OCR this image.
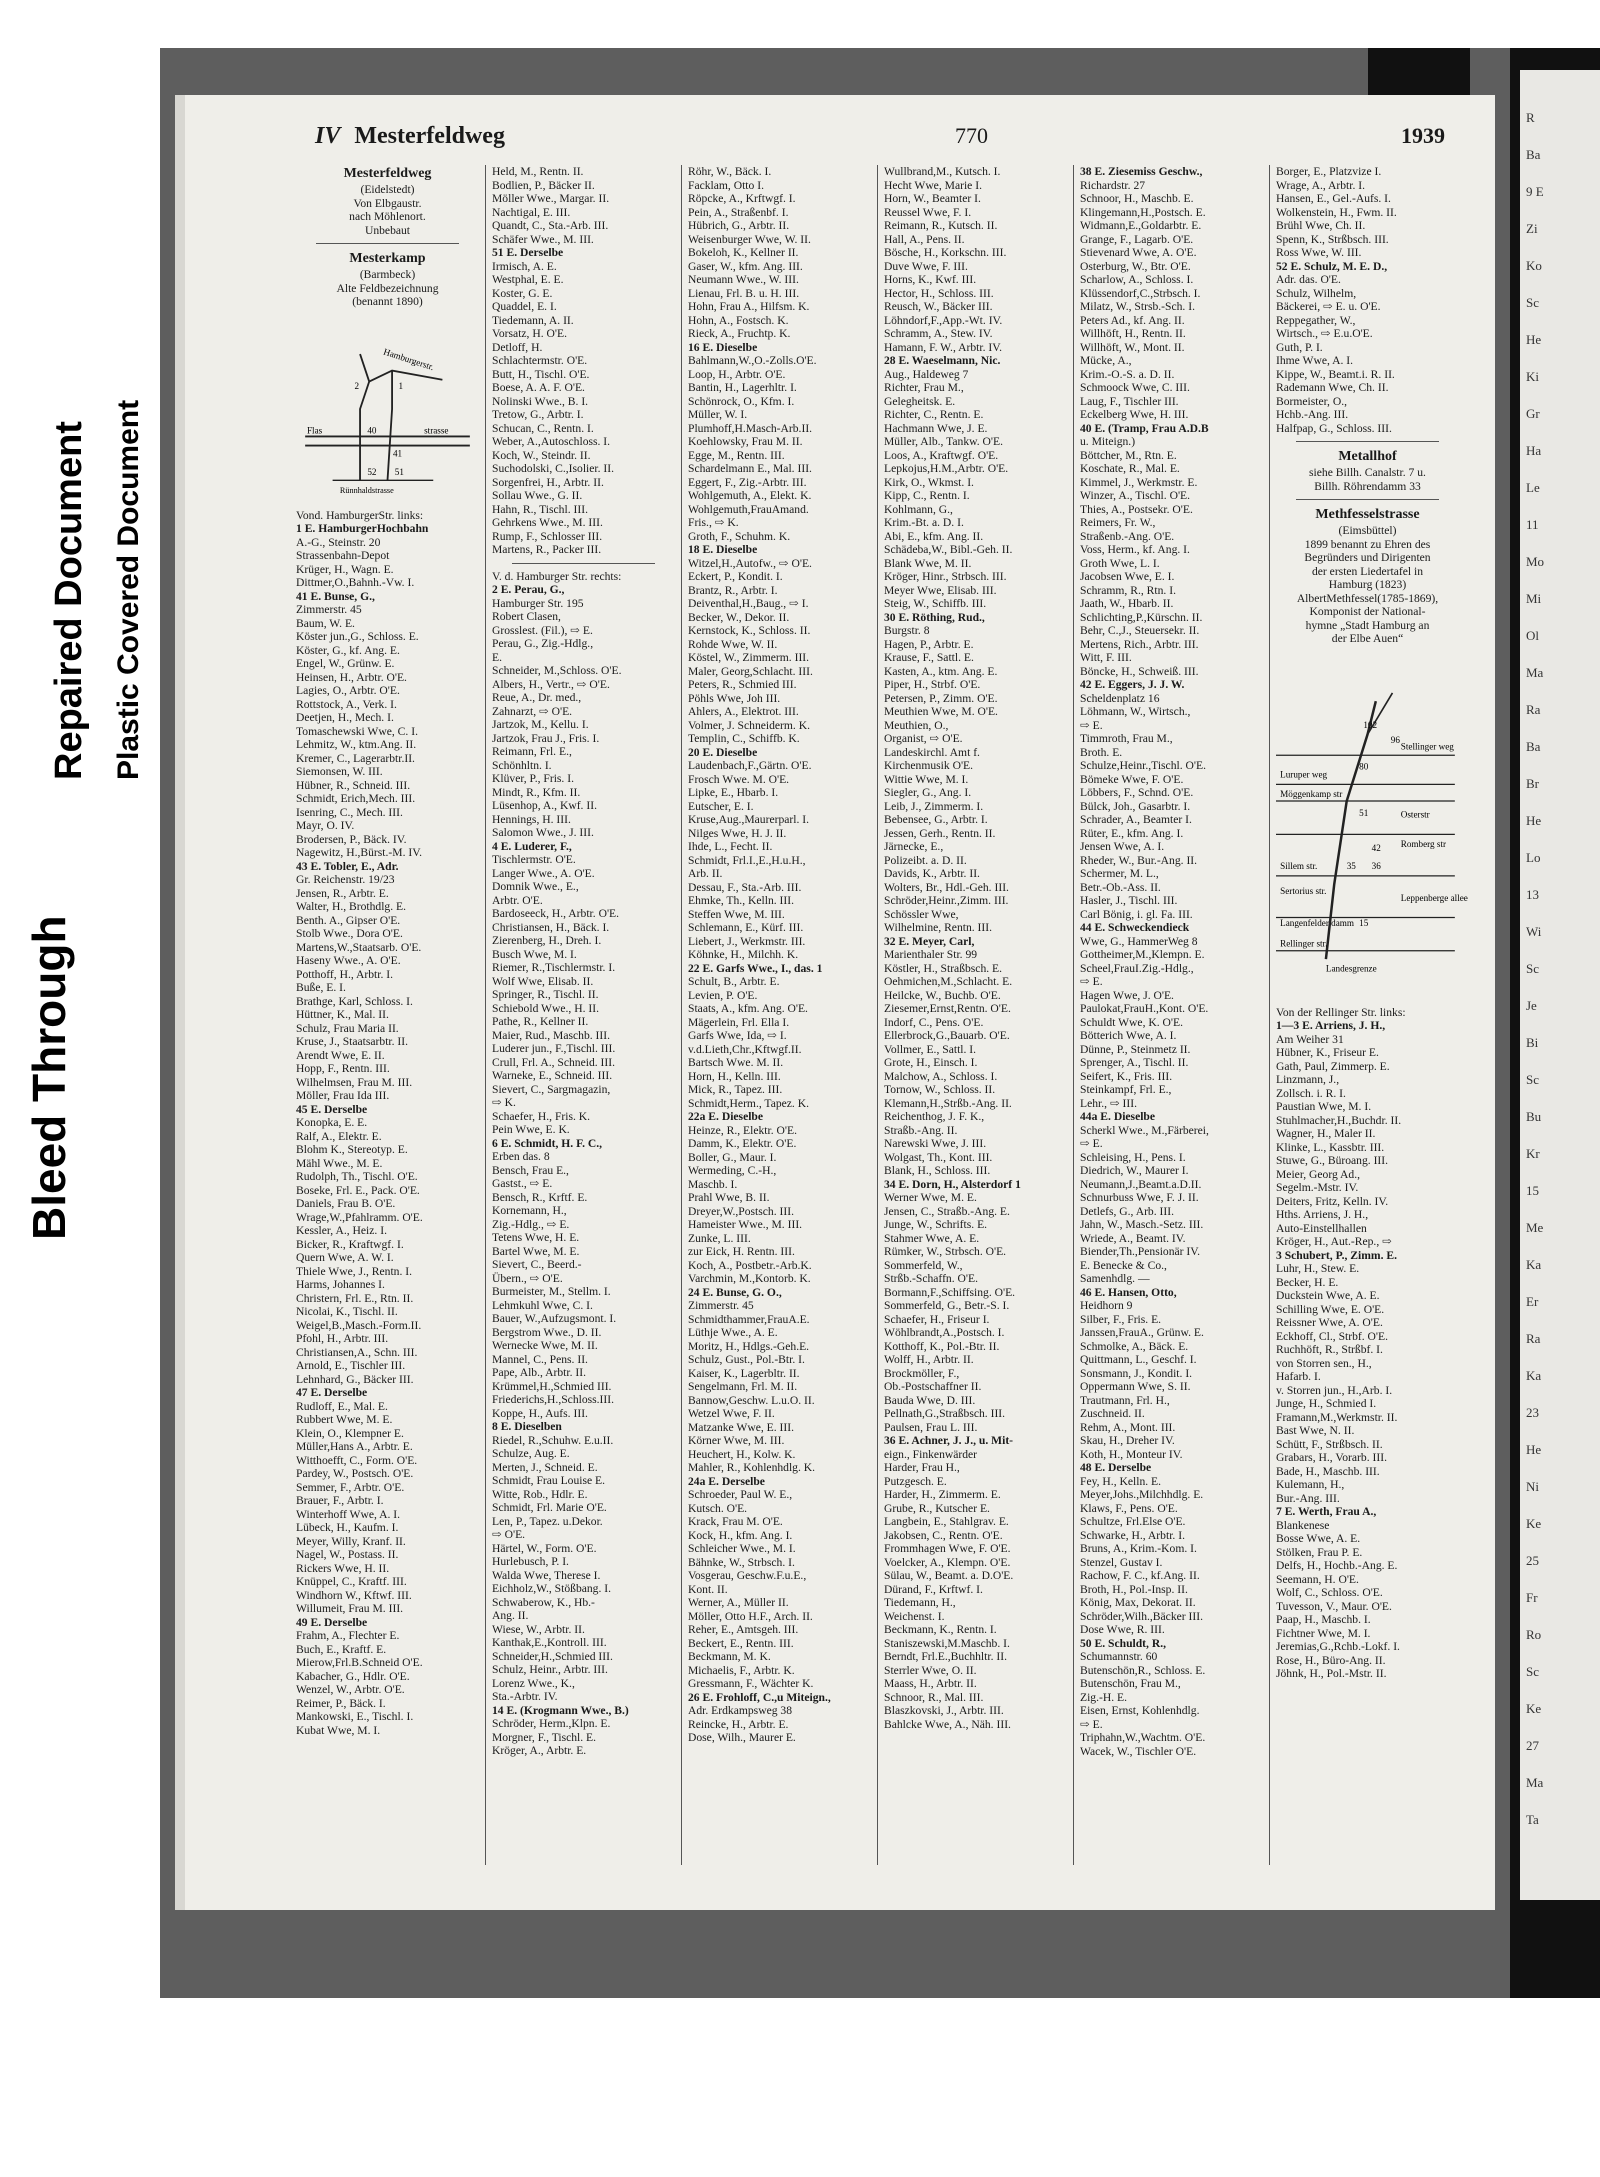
Bleed Through
Repaired Document Plastic Covered Document
R
Ba
9 E
Zi
Ko
Sc
He
Ki
Gr
Ha
Le
11
Mo
Mi
Ol
Ma
Ra
Ba
Br
He
Lo
13
Wi
Sc
Je
Bi
Sc
Bu
Kr
15
Me
Ka
Er
Ra
Ka
23
He
Ni
Ke
25
Fr
Ro
Sc
Ke
27
Ma
Ta
IV Mesterfeldweg	770	1939
Mesterfeldweg
(Eidelstedt)
Von Elbgaustr.
nach Möhlenort.
Unbebaut
Mesterkamp
(Barmbeck)
Alte Feldbezeichnung
(benannt 1890)
Hamburgerstr.
strasse
Flas
Rünnhaldstrasse
2	1
40
41
52 51
Vond. HamburgerStr. links:
1 E. HamburgerHochbahn
A.-G., Steinstr. 20
Strassenbahn-Depot
Krüger, H., Wagn. E.
Dittmer,O.,Bahnh.-Vw. I.
41 E. Bunse, G.,
Zimmerstr. 45
Baum, W. E.
Köster jun.,G., Schloss. E.
Köster, G., kf. Ang. E.
Engel, W., Grünw. E.
Heinsen, H., Arbtr. O'E.
Lagies, O., Arbtr. O'E.
Rottstock, A., Verk. I.
Deetjen, H., Mech. I.
Tomaschewski Wwe, C. I.
Lehmitz, W., ktm.Ang. II.
Kremer, C., Lagerarbtr.II.
Siemonsen, W. III.
Hübner, R., Schneid. III.
Schmidt, Erich,Mech. III.
Isenring, C., Mech. III.
Mayr, O. IV.
Brodersen, P., Bäck. IV.
Nagewitz, H.,Bürst.-M. IV.
43 E. Tobler, E., Adr.
Gr. Reichenstr. 19/23
Jensen, R., Arbtr. E.
Walter, H., Brothdlg. E.
Benth. A., Gipser O'E.
Stolb Wwe., Dora O'E.
Martens,W.,Staatsarb. O'E.
Haseny Wwe., A. O'E.
Potthoff, H., Arbtr. I.
Buße, E. I.
Brathge, Karl, Schloss. I.
Hüttner, K., Mal. II.
Schulz, Frau Maria II.
Kruse, J., Staatsarbtr. II.
Arendt Wwe, E. II.
Hopp, F., Rentn. III.
Wilhelmsen, Frau M. III.
Möller, Frau Ida III.
45 E. Derselbe
Konopka, E. E.
Ralf, A., Elektr. E.
Blohm K., Stereotyp. E.
Mähl Wwe., M. E.
Rudolph, Th., Tischl. O'E.
Boseke, Frl. E., Pack. O'E.
Daniels, Frau B. O'E.
Wrage,W.,Pfahlramm. O'E.
Kessler, A., Heiz. I.
Bicker, R., Kraftwgf. I.
Quern Wwe, A. W. I.
Thiele Wwe, J., Rentn. I.
Harms, Johannes I.
Christern, Frl. E., Rtn. II.
Nicolai, K., Tischl. II.
Weigel,B.,Masch.-Form.II.
Pfohl, H., Arbtr. III.
Christiansen,A., Schn. III.
Arnold, E., Tischler III.
Lehnhard, G., Bäcker III.
47 E. Derselbe
Rudloff, E., Mal. E.
Rubbert Wwe, M. E.
Klein, O., Klempner E.
Müller,Hans A., Arbtr. E.
Witthoefft, C., Form. O'E.
Pardey, W., Postsch. O'E.
Semmer, F., Arbtr. O'E.
Brauer, F., Arbtr. I.
Winterhoff Wwe, A. I.
Lübeck, H., Kaufm. I.
Meyer, Willy, Kranf. II.
Nagel, W., Postass. II.
Rickers Wwe, H. II.
Knüppel, C., Kraftf. III.
Windhorn W., Kftwf. III.
Willumeit, Frau M. III.
49 E. Derselbe
Frahm, A., Flechter E.
Buch, E., Kraftf. E.
Mierow,Frl.B.Schneid O'E.
Kabacher, G., Hdlr. O'E.
Wenzel, W., Arbtr. O'E.
Reimer, P., Bäck. I.
Mankowski, E., Tischl. I.
Kubat Wwe, M. I.
Held, M., Rentn. II.
Bodlien, P., Bäcker II.
Möller Wwe., Margar. II.
Nachtigal, E. III.
Quandt, C., Sta.-Arb. III.
Schäfer Wwe., M. III.
51 E. Derselbe
Irmisch, A. E.
Westphal, E. E.
Koster, G. E.
Quaddel, E. I.
Tiedemann, A. II.
Vorsatz, H. O'E.
Detloff, H.
Schlachtermstr. O'E.
Butt, H., Tischl. O'E.
Boese, A. A. F. O'E.
Nolinski Wwe., B. I.
Tretow, G., Arbtr. I.
Schucan, C., Rentn. I.
Weber, A.,Autoschloss. I.
Koch, W., Steindr. II.
Suchodolski, C.,Isolier. II.
Sorgenfrei, H., Arbtr. II.
Sollau Wwe., G. II.
Hahn, R., Tischl. III.
Gehrkens Wwe., M. III.
Rump, F., Schlosser III.
Martens, R., Packer III.
V. d. Hamburger Str. rechts:
2 E. Perau, G.,
Hamburger Str. 195
Robert Clasen,
Grosslest. (Fil.), ⇨ E.
Perau, G., Zig.-Hdlg.,
E.
Schneider, M.,Schloss. O'E.
Albers, H., Vertr., ⇨ O'E.
Reue, A., Dr. med.,
Zahnarzt, ⇨ O'E.
Jartzok, M., Kellu. I.
Jartzok, Frau J., Fris. I.
Reimann, Frl. E.,
Schönhltn. I.
Klüver, P., Fris. I.
Mindt, R., Kfm. II.
Lüsenhop, A., Kwf. II.
Hennings, H. III.
Salomon Wwe., J. III.
4 E. Luderer, F.,
Tischlermstr. O'E.
Langer Wwe., A. O'E.
Domnik Wwe., E.,
Arbtr. O'E.
Bardoseeck, H., Arbtr. O'E.
Christiansen, H., Bäck. I.
Zierenberg, H., Dreh. I.
Busch Wwe, M. I.
Riemer, R.,Tischlermstr. I.
Wolf Wwe, Elisab. II.
Springer, R., Tischl. II.
Schiebold Wwe., H. II.
Pathe, R., Kellner II.
Maier, Rud., Maschb. III.
Luderer jun., F.,Tischl. III.
Crull, Frl. A., Schneid. III.
Warneke, E., Schneid. III.
Sievert, C., Sargmagazin,
⇨ K.
Schaefer, H., Fris. K.
Pein Wwe, E. K.
6 E. Schmidt, H. F. C.,
Erben das. 8
Bensch, Frau E.,
Gastst., ⇨ E.
Bensch, R., Krftf. E.
Kornemann, H.,
Zig.-Hdlg., ⇨ E.
Tetens Wwe, H. E.
Bartel Wwe, M. E.
Sievert, C., Beerd.-
Übern., ⇨ O'E.
Burmeister, M., Stellm. I.
Lehmkuhl Wwe, C. I.
Bauer, W.,Aufzugsmont. I.
Bergstrom Wwe., D. II.
Wernecke Wwe, M. II.
Mannel, C., Pens. II.
Pape, Alb., Arbtr. II.
Krümmel,H.,Schmied III.
Friederichs,H.,Schloss.III.
Koppe, H., Aufs. III.
8 E. Dieselben
Riedel, R.,Schuhw. E.u.II.
Schulze, Aug. E.
Merten, J., Schneid. E.
Schmidt, Frau Louise E.
Witte, Rob., Hdlr. E.
Schmidt, Frl. Marie O'E.
Len, P., Tapez. u.Dekor.
⇨ O'E.
Härtel, W., Form. O'E.
Hurlebusch, P. I.
Walda Wwe, Therese I.
Eichholz,W., Stößbang. I.
Schwaberow, K., Hb.-
Ang. II.
Wiese, W., Arbtr. II.
Kanthak,E.,Kontroll. III.
Schneider,H.,Schmied III.
Schulz, Heinr., Arbtr. III.
Lorenz Wwe., K.,
Sta.-Arbtr. IV.
14 E. (Krogmann Wwe., B.)
Schröder, Herm.,Klpn. E.
Morgner, F., Tischl. E.
Kröger, A., Arbtr. E.
Röhr, W., Bäck. I.
Facklam, Otto I.
Röpcke, A., Krftwgf. I.
Pein, A., Straßenbf. I.
Hübrich, G., Arbtr. II.
Weisenburger Wwe, W. II.
Bokeloh, K., Kellner II.
Gaser, W., kfm. Ang. III.
Neumann Wwe., W. III.
Lienau, Frl. B. u. H. III.
Hohn, Frau A., Hilfsm. K.
Hohn, A., Fostsch. K.
Rieck, A., Fruchtp. K.
16 E. Dieselbe
Bahlmann,W.,O.-Zolls.O'E.
Loop, H., Arbtr. O'E.
Bantin, H., Lagerhltr. I.
Schönrock, O., Kfm. I.
Müller, W. I.
Plumhoff,H.Masch-Arb.II.
Koehlowsky, Frau M. II.
Egge, M., Rentn. III.
Schardelmann E., Mal. III.
Eggert, F., Zig.-Arbtr. III.
Wohlgemuth, A., Elekt. K.
Wohlgemuth,FrauAmand.
Fris., ⇨ K.
Groth, F., Schuhm. K.
18 E. Dieselbe
Witzel,H.,Autofw., ⇨ O'E.
Eckert, P., Kondit. I.
Brantz, R., Arbtr. I.
Deiventhal,H.,Baug., ⇨ I.
Becker, W., Dekor. II.
Kernstock, K., Schloss. II.
Rohde Wwe, W. II.
Köstel, W., Zimmerm. III.
Maler, Georg,Schlacht. III.
Peters, R., Schmied III.
Pöhls Wwe, Joh III.
Ahlers, A., Elektrot. III.
Volmer, J. Schneiderm. K.
Templin, C., Schiffb. K.
20 E. Dieselbe
Laudenbach,F.,Gärtn. O'E.
Frosch Wwe. M. O'E.
Lipke, E., Hbarb. I.
Eutscher, E. I.
Kruse,Aug.,Maurerparl. I.
Nilges Wwe, H. J. II.
Ihde, L., Fecht. II.
Schmidt, Frl.I.,E.,H.u.H.,
Arb. II.
Dessau, F., Sta.-Arb. III.
Ehmke, Th., Kelln. III.
Steffen Wwe, M. III.
Schlemann, E., Kürf. III.
Liebert, J., Werkmstr. III.
Köhnke, H., Milchh. K.
22 E. Garfs Wwe., I., das. 1
Schult, B., Arbtr. E.
Levien, P. O'E.
Staats, A., kfm. Ang. O'E.
Mägerlein, Frl. Ella I.
Garfs Wwe, Ida, ⇨ I.
v.d.Lieth,Chr.,Kftwgf.II.
Bartsch Wwe. M. II.
Horn, H., Kelln. III.
Mick, R., Tapez. III.
Schmidt,Herm., Tapez. K.
22a E. Dieselbe
Heinze, R., Elektr. O'E.
Damm, K., Elektr. O'E.
Boller, G., Maur. I.
Wermeding, C.-H.,
Maschb. I.
Prahl Wwe, B. II.
Dreyer,W.,Postsch. III.
Hameister Wwe., M. III.
Zunke, L. III.
zur Eick, H. Rentn. III.
Koch, A., Postbetr.-Arb.K.
Varchmin, M.,Kontorb. K.
24 E. Bunse, G. O.,
Zimmerstr. 45
Schmidthammer,FrauA.E.
Lüthje Wwe., A. E.
Moritz, H., Hdlgs.-Geh.E.
Schulz, Gust., Pol.-Btr. I.
Kaiser, K., Lagerbltr. II.
Sengelmann, Frl. M. II.
Bannow,Geschw. L.u.O. II.
Wetzel Wwe, F. II.
Matzanke Wwe, E. III.
Körner Wwe, M. III.
Heuchert, H., Kolw. K.
Mahler, R., Kohlenhdlg. K.
24a E. Derselbe
Schroeder, Paul W. E.,
Kutsch. O'E.
Krack, Frau M. O'E.
Kock, H., kfm. Ang. I.
Schleicher Wwe., M. I.
Bähnke, W., Strbsch. I.
Vosgerau, Geschw.F.u.E.,
Kont. II.
Werner, A., Müller II.
Möller, Otto H.F., Arch. II.
Reher, E., Amtsgeh. III.
Beckert, E., Rentn. III.
Beckmann, M. K.
Michaelis, F., Arbtr. K.
Gressmann, F., Wächter K.
26 E. Frohloff, C.,u Miteign.,
Adr. Erdkampsweg 38
Reincke, H., Arbtr. E.
Dose, Wilh., Maurer E.
Wullbrand,M., Kutsch. I.
Hecht Wwe, Marie I.
Horn, W., Beamter I.
Reussel Wwe, F. I.
Reimann, R., Kutsch. II.
Hall, A., Pens. II.
Bösche, H., Korkschn. III.
Duve Wwe, F. III.
Horns, K., Kwf. III.
Hector, H., Schloss. III.
Reusch, W., Bäcker III.
Löhndorf,F.,App.-Wt. IV.
Schramm, A., Stew. IV.
Hamann, F. W., Arbtr. IV.
28 E. Waeselmann, Nic.
Aug., Haldeweg 7
Richter, Frau M.,
Gelegheitsk. E.
Richter, C., Rentn. E.
Hachmann Wwe, J. E.
Müller, Alb., Tankw. O'E.
Loos, A., Kraftwgf. O'E.
Lepkojus,H.M.,Arbtr. O'E.
Kirk, O., Wkmst. I.
Kipp, C., Rentn. I.
Kohlmann, G.,
Krim.-Bt. a. D. I.
Abi, E., kfm. Ang. II.
Schädeba,W., Bibl.-Geh. II.
Blank Wwe, M. II.
Kröger, Hinr., Strbsch. III.
Meyer Wwe, Elisab. III.
Steig, W., Schiffb. III.
30 E. Röthing, Rud.,
Burgstr. 8
Hagen, P., Arbtr. E.
Krause, F., Sattl. E.
Kasten, A., ktm. Ang. E.
Piper, H., Strbf. O'E.
Petersen, P., Zimm. O'E.
Meuthien Wwe, M. O'E.
Meuthien, O.,
Organist, ⇨ O'E.
Landeskirchl. Amt f.
Kirchenmusik O'E.
Wittie Wwe, M. I.
Siegler, G., Ang. I.
Leib, J., Zimmerm. I.
Bebensee, G., Arbtr. I.
Jessen, Gerh., Rentn. II.
Järnecke, E.,
Polizeibt. a. D. II.
Davids, K., Arbtr. II.
Wolters, Br., Hdl.-Geh. III.
Schröder,Heinr.,Zimm. III.
Schössler Wwe,
Wilhelmine, Rentn. III.
32 E. Meyer, Carl,
Marienthaler Str. 99
Köstler, H., Straßbsch. E.
Oehmichen,M.,Schlacht. E.
Heilcke, W., Buchb. O'E.
Ziesemer,Ernst,Rentn. O'E.
Indorf, C., Pens. O'E.
Ellerbrock,G.,Bauarb. O'E.
Vollmer, E., Sattl. I.
Grote, H., Einsch. I.
Malchow, A., Schloss. I.
Tornow, W., Schloss. II.
Klemann,H.,Strßb.-Ang. II.
Reichenthog, J. F. K.,
Straßb.-Ang. II.
Narewski Wwe, J. III.
Wolgast, Th., Kont. III.
Blank, H., Schloss. III.
34 E. Dorn, H., Alsterdorf 1
Werner Wwe, M. E.
Jensen, C., Straßb.-Ang. E.
Junge, W., Schrifts. E.
Stahmer Wwe, A. E.
Rümker, W., Strbsch. O'E.
Sommerfeld, W.,
Strßb.-Schaffn. O'E.
Bormann,F.,Schiffsing. O'E.
Sommerfeld, G., Betr.-S. I.
Schaefer, H., Friseur I.
Wöhlbrandt,A.,Postsch. I.
Kotthoff, K., Pol.-Btr. II.
Wolff, H., Arbtr. II.
Brockmöller, F.,
Ob.-Postschaffner II.
Bauda Wwe, D. III.
Pellnath,G.,Straßbsch. III.
Paulsen, Frau L. III.
36 E. Achner, J. J., u. Mit-
eign., Finkenwärder
Harder, Frau H.,
Putzgesch. E.
Harder, H., Zimmerm. E.
Grube, R., Kutscher E.
Langbein, E., Stahlgrav. E.
Jakobsen, C., Rentn. O'E.
Frommhagen Wwe, F. O'E.
Voelcker, A., Klempn. O'E.
Sülau, W., Beamt. a. D.O'E.
Dürand, F., Krftwf. I.
Tiedemann, H.,
Weichenst. I.
Beckmann, K., Rentn. I.
Staniszewski,M.Maschb. I.
Berndt, Frl.E.,Buchhltr. II.
Sterrler Wwe, O. II.
Maass, H., Arbtr. II.
Schnoor, R., Mal. III.
Blaszkovski, J., Arbtr. III.
Bahlcke Wwe, A., Näh. III.
38 E. Ziesemiss Geschw.,
Richardstr. 27
Schnoor, H., Maschb. E.
Klingemann,H.,Postsch. E.
Widmann,E.,Goldarbtr. E.
Grange, F., Lagarb. O'E.
Stievenard Wwe, A. O'E.
Osterburg, W., Btr. O'E.
Scharlow, A., Schloss. I.
Klüssendorf,C.,Strbsch. I.
Milatz, W., Strsb.-Sch. I.
Peters Ad., kf. Ang. II.
Willhöft, H., Rentn. II.
Willhöft, W., Mont. II.
Mücke, A.,
Krim.-O.-S. a. D. II.
Schmoock Wwe, C. III.
Laug, F., Tischler III.
Eckelberg Wwe, H. III.
40 E. (Tramp, Frau A.D.B
u. Miteign.)
Böttcher, M., Rtn. E.
Koschate, R., Mal. E.
Kimmel, J., Werkmstr. E.
Winzer, A., Tischl. O'E.
Thies, A., Postsekr. O'E.
Reimers, Fr. W.,
Straßenb.-Ang. O'E.
Voss, Herm., kf. Ang. I.
Groth Wwe, L. I.
Jacobsen Wwe, E. I.
Schramm, R., Rtn. I.
Jaath, W., Hbarb. II.
Schlichting,P.,Kürschn. II.
Behr, C.,J., Steuersekr. II.
Mertens, Rich., Arbtr. III.
Witt, F. III.
Böncke, H., Schweiß. III.
42 E. Eggers, J. J. W.
Scheldenplatz 16
Löhmann, W., Wirtsch.,
⇨ E.
Timmroth, Frau M.,
Broth. E.
Schulze,Heinr.,Tischl. O'E.
Bömeke Wwe, F. O'E.
Löbbers, F., Schnd. O'E.
Bülck, Joh., Gasarbtr. I.
Schrader, A., Beamter I.
Rüter, E., kfm. Ang. I.
Jensen Wwe, A. I.
Rheder, W., Bur.-Ang. II.
Schermer, M. L.,
Betr.-Ob.-Ass. II.
Hasler, J., Tischl. III.
Carl Bönig, i. gl. Fa. III.
44 E. Schweckendieck
Wwe, G., HammerWeg 8
Gottheimer,M.,Klempn. E.
Scheel,FrauI.Zig.-Hdlg.,
⇨ E.
Hagen Wwe, J. O'E.
Paulokat,FrauH.,Kont. O'E.
Schuldt Wwe, K. O'E.
Bötterich Wwe, A. I.
Dünne, P., Steinmetz II.
Sprenger, A., Tischl. II.
Seifert, K., Fris. III.
Steinkampf, Frl. E.,
Lehr., ⇨ III.
44a E. Dieselbe
Scherkl Wwe., M.,Färberei,
⇨ E.
Schleising, H., Pens. I.
Diedrich, W., Maurer I.
Neumann,J.,Beamt.a.D.II.
Schnurbuss Wwe, F. J. II.
Detlefs, G., Arb. III.
Jahn, W., Masch.-Setz. III.
Wriede, A., Beamt. IV.
Biender,Th.,Pensionär IV.
E. Benecke & Co.,
Samenhdlg. —
46 E. Hansen, Otto,
Heidhorn 9
Silber, F., Fris. E.
Janssen,FrauA., Grünw. E.
Schmolke, A., Bäck. E.
Quittmann, L., Geschf. I.
Sonsmann, J., Kondit. I.
Oppermann Wwe, S. II.
Trautmann, Frl. H.,
Zuschneid. II.
Rehm, A., Mont. III.
Skau, H., Dreher IV.
Koth, H., Monteur IV.
48 E. Derselbe
Fey, H., Kelln. E.
Meyer,Johs.,Milchhdlg. E.
Klaws, F., Pens. O'E.
Schultze, Frl.Else O'E.
Schwarke, H., Arbtr. I.
Bruns, A., Krim.-Kom. I.
Stenzel, Gustav I.
Rachow, F. C., kf.Ang. II.
Broth, H., Pol.-Insp. II.
König, Max, Dekorat. II.
Schröder,Wilh.,Bäcker III.
Dose Wwe, R. III.
50 E. Schuldt, R.,
Schumannstr. 60
Butenschön,R., Schloss. E.
Butenschön, Frau M.,
Zig.-H. E.
Eisen, Ernst, Kohlenhdlg.
⇨ E.
Triphahn,W.,Wachtm. O'E.
Wacek, W., Tischler O'E.
Borger, E., Platzvize I.
Wrage, A., Arbtr. I.
Hansen, E., Gel.-Aufs. I.
Wolkenstein, H., Fwm. II.
Brühl Wwe, Ch. II.
Spenn, K., Strßbsch. III.
Ross Wwe, W. III.
52 E. Schulz, M. E. D.,
Adr. das. O'E.
Schulz, Wilhelm,
Bäckerei, ⇨ E. u. O'E.
Reppegather, W.,
Wirtsch., ⇨ E.u.O'E.
Guth, P. I.
Ihme Wwe, A. I.
Kippe, W., Beamt.i. R. II.
Rademann Wwe, Ch. II.
Bormeister, O.,
Hchb.-Ang. III.
Halfpap, G., Schloss. III.
Metallhof
siehe Billh. Canalstr. 7 u.
Billh. Röhrendamm 33
Methfesselstrasse
(Eimsbüttel)
1899 benannt zu Ehren des
Begründers und Dirigenten
der ersten Liedertafel in
Hamburg (1823)
AlbertMethfessel(1785-1869),
Komponist der National-
hymne „Stadt Hamburg an
der Elbe Auen“
Stellinger weg
Luruper weg
Möggenkamp str
Osterstr
Romberg str
Sillem str.
Sertorius str.
Langenfelder damm
Leppenberge allee
Rellinger str.
Landesgrenze
102
96
80
51
42
35 36
15
Von der Rellinger Str. links:
1—3 E. Arriens, J. H.,
Am Weiher 31
Hübner, K., Friseur E.
Gath, Paul, Zimmerp. E.
Linzmann, J.,
Zollsch. i. R. I.
Paustian Wwe, M. I.
Stuhlmacher,H.,Buchdr. II.
Wagner, H., Maler II.
Klinke, L., Kassbtr. III.
Stuwe, G., Büroang. III.
Meier, Georg Ad.,
Segelm.-Mstr. IV.
Deiters, Fritz, Kelln. IV.
Hths. Arriens, J. H.,
Auto-Einstellhallen
Kröger, H., Aut.-Rep., ⇨
3 Schubert, P., Zimm. E.
Luhr, H., Stew. E.
Becker, H. E.
Duckstein Wwe, A. E.
Schilling Wwe, E. O'E.
Reissner Wwe, A. O'E.
Eckhoff, Cl., Strbf. O'E.
Ruchhöft, R., Strßbf. I.
von Storren sen., H.,
Hafarb. I.
v. Storren jun., H.,Arb. I.
Junge, H., Schmied I.
Framann,M.,Werkmstr. II.
Bast Wwe, N. II.
Schütt, F., Strßbsch. II.
Grabars, H., Vorarb. III.
Bade, H., Maschb. III.
Kulemann, H.,
Bur.-Ang. III.
7 E. Werth, Frau A.,
Blankenese
Bosse Wwe, A. E.
Stölken, Frau P. E.
Delfs, H., Hochb.-Ang. E.
Seemann, H. O'E.
Wolf, C., Schloss. O'E.
Tuvesson, V., Maur. O'E.
Paap, H., Maschb. I.
Fichtner Wwe, M. I.
Jeremias,G.,Rchb.-Lokf. I.
Rose, H., Büro-Ang. II.
Jöhnk, H., Pol.-Mstr. II.
